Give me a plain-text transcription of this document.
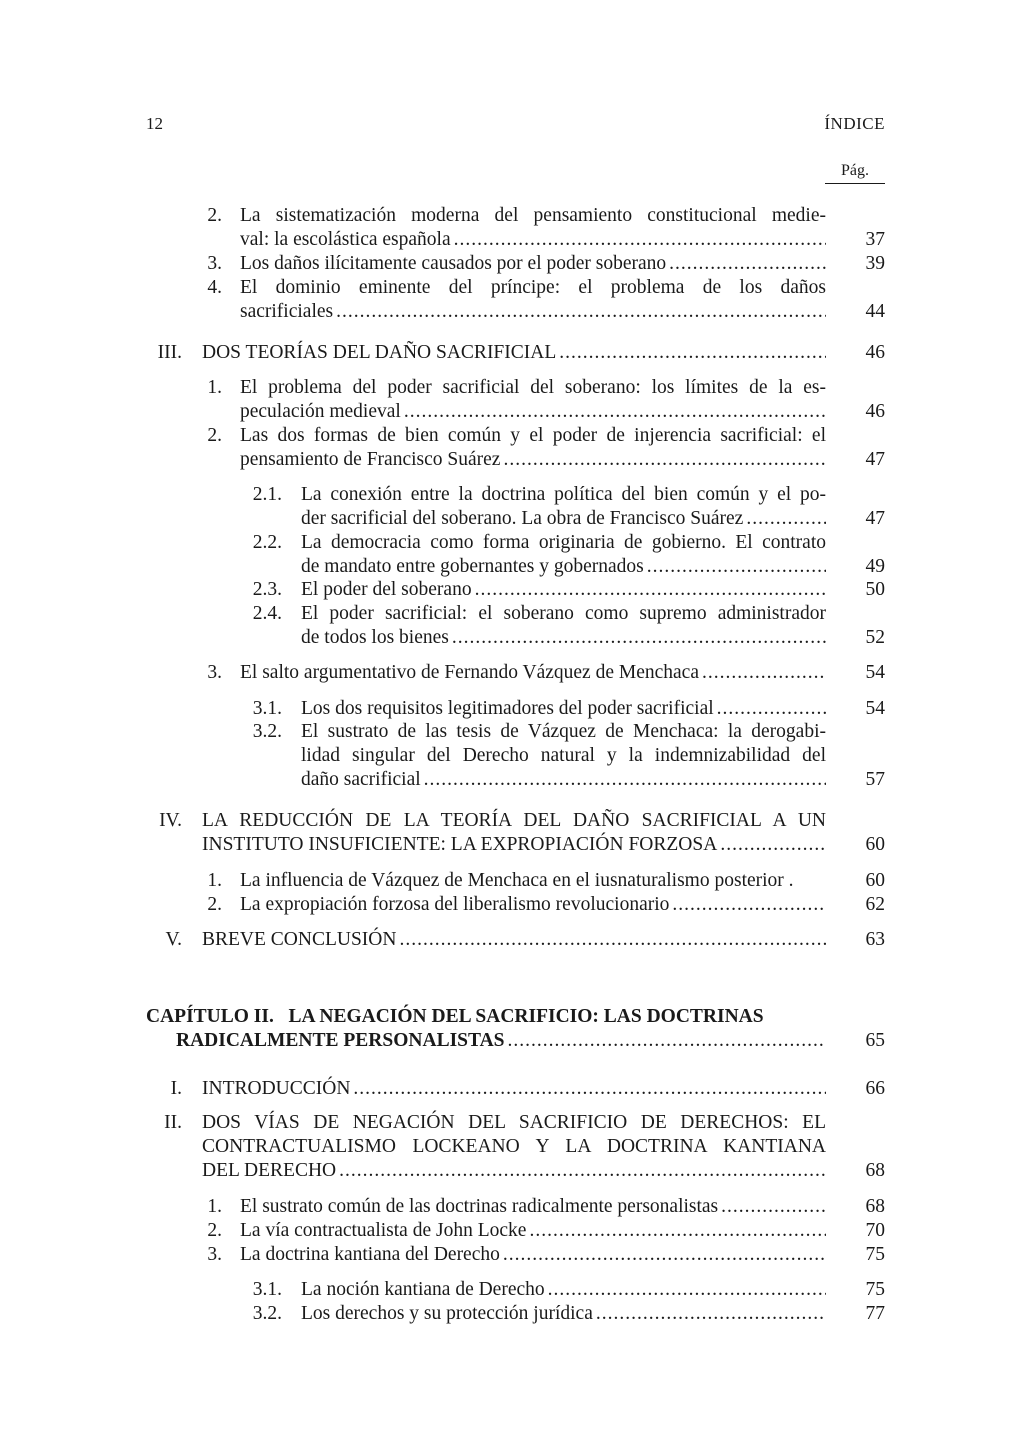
12	ÍNDICE
Pág.
2. La sistematización moderna del pensamiento constitucional medie-
val: la escolástica española .....	37
3. Los daños ilícitamente causados por el poder soberano .....	39
4. El dominio eminente del príncipe: el problema de los daños
sacrificiales .....	44
III. DOS TEORÍAS DEL DAÑO SACRIFICIAL .....	46
1. El problema del poder sacrificial del soberano: los límites de la es-
peculación medieval .....	46
2. Las dos formas de bien común y el poder de injerencia sacrificial: el
pensamiento de Francisco Suárez .....	47
2.1. La conexión entre la doctrina política del bien común y el po-
der sacrificial del soberano. La obra de Francisco Suárez .....	47
2.2. La democracia como forma originaria de gobierno. El contrato
de mandato entre gobernantes y gobernados .....	49
2.3. El poder del soberano .....	50
2.4. El poder sacrificial: el soberano como supremo administrador
de todos los bienes .....	52
3. El salto argumentativo de Fernando Vázquez de Menchaca .....	54
3.1. Los dos requisitos legitimadores del poder sacrificial .....	54
3.2. El sustrato de las tesis de Vázquez de Menchaca: la derogabi-
lidad singular del Derecho natural y la indemnizabilidad del
daño sacrificial .....	57
IV. LA REDUCCIÓN DE LA TEORÍA DEL DAÑO SACRIFICIAL A UN
INSTITUTO INSUFICIENTE: LA EXPROPIACIÓN FORZOSA .....	60
1. La influencia de Vázquez de Menchaca en el iusnaturalismo posterior .	60
2. La expropiación forzosa del liberalismo revolucionario .....	62
V. BREVE CONCLUSIÓN .....	63
CAPÍTULO II.   LA NEGACIÓN DEL SACRIFICIO: LAS DOCTRINAS
RADICALMENTE PERSONALISTAS .....	65
I. INTRODUCCIÓN .....	66
II. DOS VÍAS DE NEGACIÓN DEL SACRIFICIO DE DERECHOS: EL
CONTRACTUALISMO LOCKEANO Y LA DOCTRINA KANTIANA
DEL DERECHO .....	68
1. El sustrato común de las doctrinas radicalmente personalistas .....	68
2. La vía contractualista de John Locke .....	70
3. La doctrina kantiana del Derecho .....	75
3.1. La noción kantiana de Derecho .....	75
3.2. Los derechos y su protección jurídica .....	77
